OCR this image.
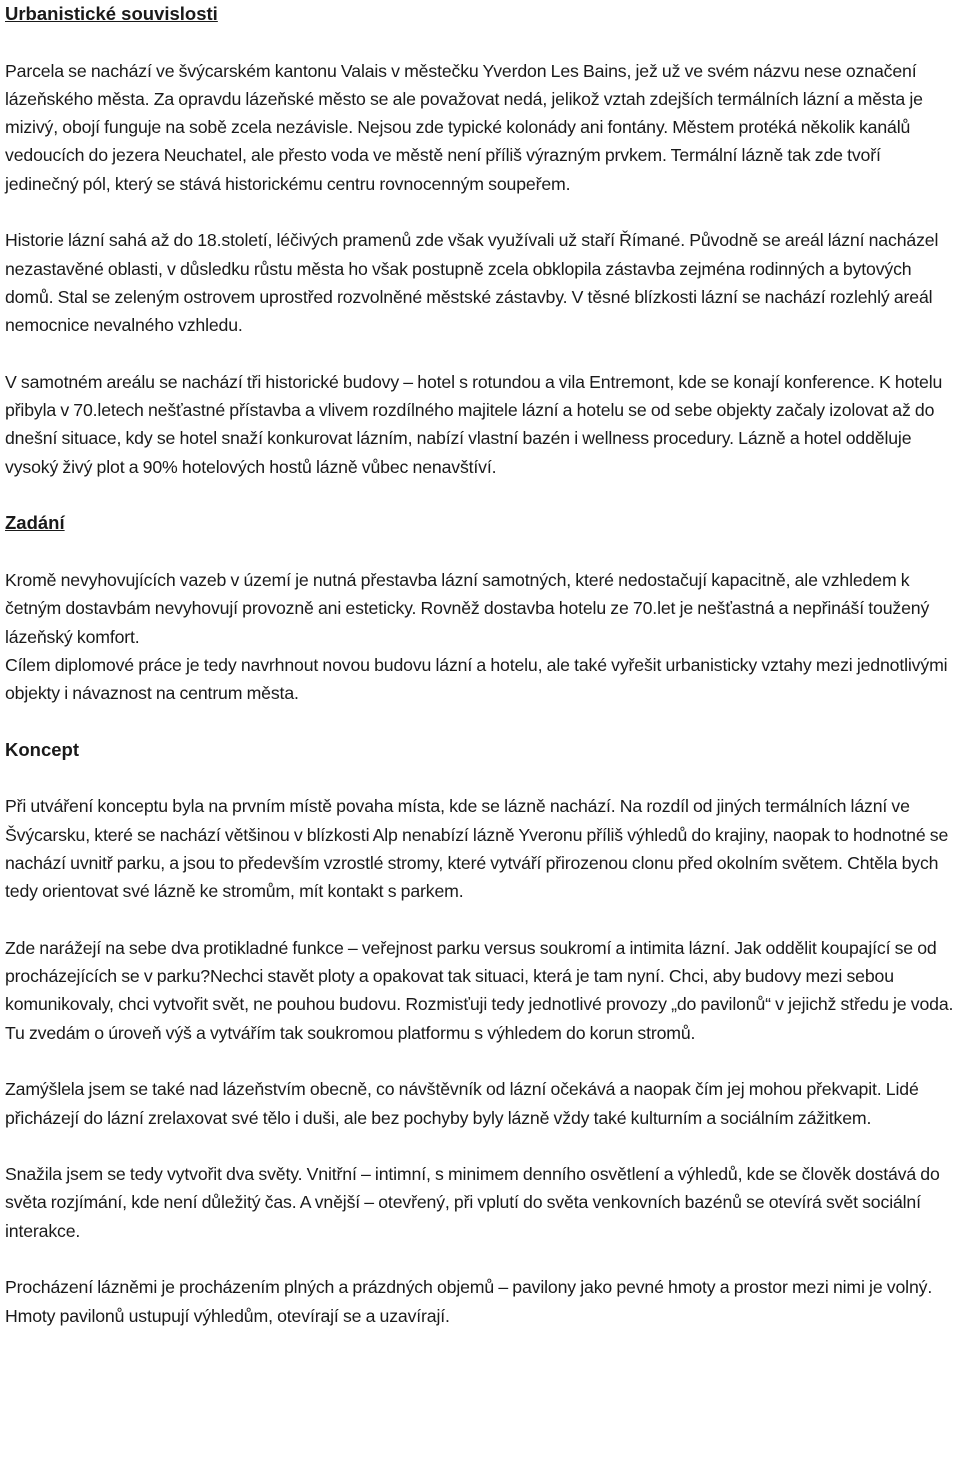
Urbanistické souvislosti

Parcela se nachází ve švýcarském kantonu Valais v městečku Yverdon Les Bains, jež už ve svém názvu nese označení lázeňského města. Za opravdu lázeňské město se ale považovat nedá, jelikož vztah zdejších termálních lázní a města je mizivý, obojí funguje na sobě zcela nezávisle. Nejsou zde typické kolonády ani fontány. Městem protéká několik kanálů vedoucích do jezera Neuchatel, ale přesto voda ve městě není příliš výrazným prvkem. Termální lázně tak zde tvoří jedinečný pól, který se stává historickému centru rovnocenným soupeřem.

Historie lázní sahá až do 18.století, léčivých pramenů zde však využívali už staří Římané. Původně se areál lázní nacházel nezastavěné oblasti, v důsledku růstu města ho však postupně zcela obklopila zástavba zejména rodinných a bytových domů. Stal se zeleným ostrovem uprostřed rozvolněné městské zástavby. V těsné blízkosti lázní se nachází rozlehlý areál nemocnice nevalného vzhledu.

V samotném areálu se nachází tři historické budovy – hotel s rotundou a vila Entremont, kde se konají konference. K hotelu přibyla v 70.letech nešťastné přístavba a vlivem rozdílného majitele lázní a hotelu se od sebe objekty začaly izolovat až do dnešní situace, kdy se hotel snaží konkurovat lázním, nabízí vlastní bazén i wellness procedury. Lázně a hotel odděluje vysoký živý plot a 90% hotelových hostů lázně vůbec nenavštíví.

Zadání

Kromě nevyhovujících vazeb v území je nutná přestavba lázní samotných, které nedostačují kapacitně, ale vzhledem k četným dostavbám nevyhovují provozně ani esteticky. Rovněž dostavba hotelu ze 70.let je nešťastná a nepřináší toužený lázeňský komfort.

Cílem diplomové práce je tedy navrhnout novou budovu lázní a hotelu, ale také vyřešit urbanisticky vztahy mezi jednotlivými objekty i návaznost na centrum města.

Koncept

Při utváření konceptu byla na prvním místě povaha místa, kde se lázně nachází. Na rozdíl od jiných termálních lázní ve Švýcarsku, které se nachází většinou v blízkosti Alp nenabízí lázně Yveronu příliš výhledů do krajiny, naopak to hodnotné se nachází uvnitř parku, a jsou to především vzrostlé stromy, které vytváří přirozenou clonu před okolním světem. Chtěla bych tedy orientovat své lázně ke stromům, mít kontakt s parkem.

Zde narážejí na sebe dva protikladné funkce – veřejnost parku versus soukromí a intimita lázní. Jak oddělit koupající se od procházejících se v parku?Nechci stavět ploty a opakovat tak situaci, která je tam nyní. Chci, aby budovy mezi sebou komunikovaly, chci vytvořit svět, ne pouhou budovu. Rozmisťuji tedy jednotlivé provozy „do pavilonů“ v jejichž středu je voda. Tu zvedám o úroveň výš a vytvářím tak soukromou platformu s výhledem do korun stromů.

Zamýšlela jsem se také nad lázeňstvím obecně, co návštěvník od lázní očekává a naopak čím jej mohou překvapit. Lidé přicházejí do lázní zrelaxovat své tělo i duši, ale bez pochyby byly lázně vždy také kulturním a sociálním zážitkem.

Snažila jsem se tedy vytvořit dva světy. Vnitřní – intimní, s minimem denního osvětlení a výhledů, kde se člověk dostává do světa rozjímání, kde není důležitý čas. A vnější – otevřený, při vplutí do světa venkovních bazénů se otevírá svět sociální interakce.

Procházení lázněmi je procházením plných a prázdných objemů – pavilony jako pevné hmoty a prostor mezi nimi je volný. Hmoty pavilonů ustupují výhledům, otevírají se a uzavírají.
